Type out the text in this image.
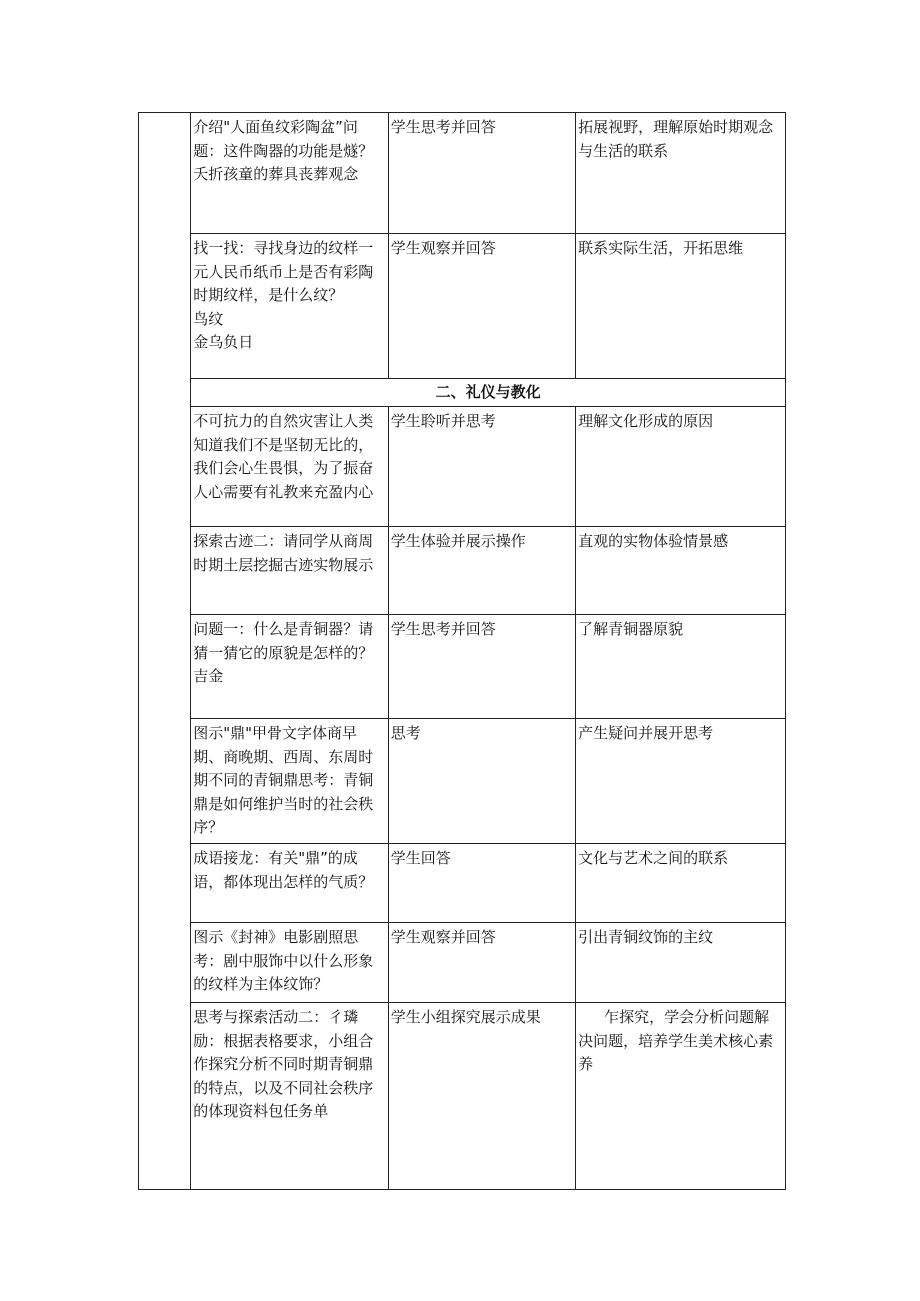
	介绍"人面鱼纹彩陶盆”问题：这件陶器的功能是燧？
夭折孩童的葬具丧葬观念	学生思考并回答	拓展视野，理解原始时期观念与生活的联系

	找一找：寻找身边的纹样一元人民币纸币上是否有彩陶时期纹样，是什么纹？
鸟纹
金乌负日	学生观察并回答	联系实际生活，开拓思维
	二、礼仪与教化		
	不可抗力的自然灾害让人类知道我们不是坚韧无比的，我们会心生畏惧，为了振奋人心需要有礼教来充盈内心	学生聆听并思考	理解文化形成的原因
	探索古迹二：请同学从商周时期土层挖掘古迹实物展示	学生体验并展示操作	直观的实物体验情景感

	问题一：什么是青铜器？请猜一猜它的原貌是怎样的？
吉金	学生思考并回答	了解青铜器原貌
	图示"鼎"甲骨文字体商早期、商晚期、西周、东周时期不同的青铜鼎思考：青铜鼎是如何维护当时的社会秩序？	思考	产生疑问并展开思考
	成语接龙：有关"鼎”的成语，都体现出怎样的气质？	学生回答	文化与艺术之间的联系
	图示《封神》电影剧照思考：剧中服饰中以什么形象的纹样为主体纹饰？	学生观察并回答	引出青铜纹饰的主纹
	思考与探索活动二：彳璘励：根据表格要求，小组合作探究分析不同时期青铜鼎的特点，以及不同社会秩序的体现资料包任务单	学生小组探究展示成果	乍探究，学会分析问题解决问题，培养学生美术核心素养
